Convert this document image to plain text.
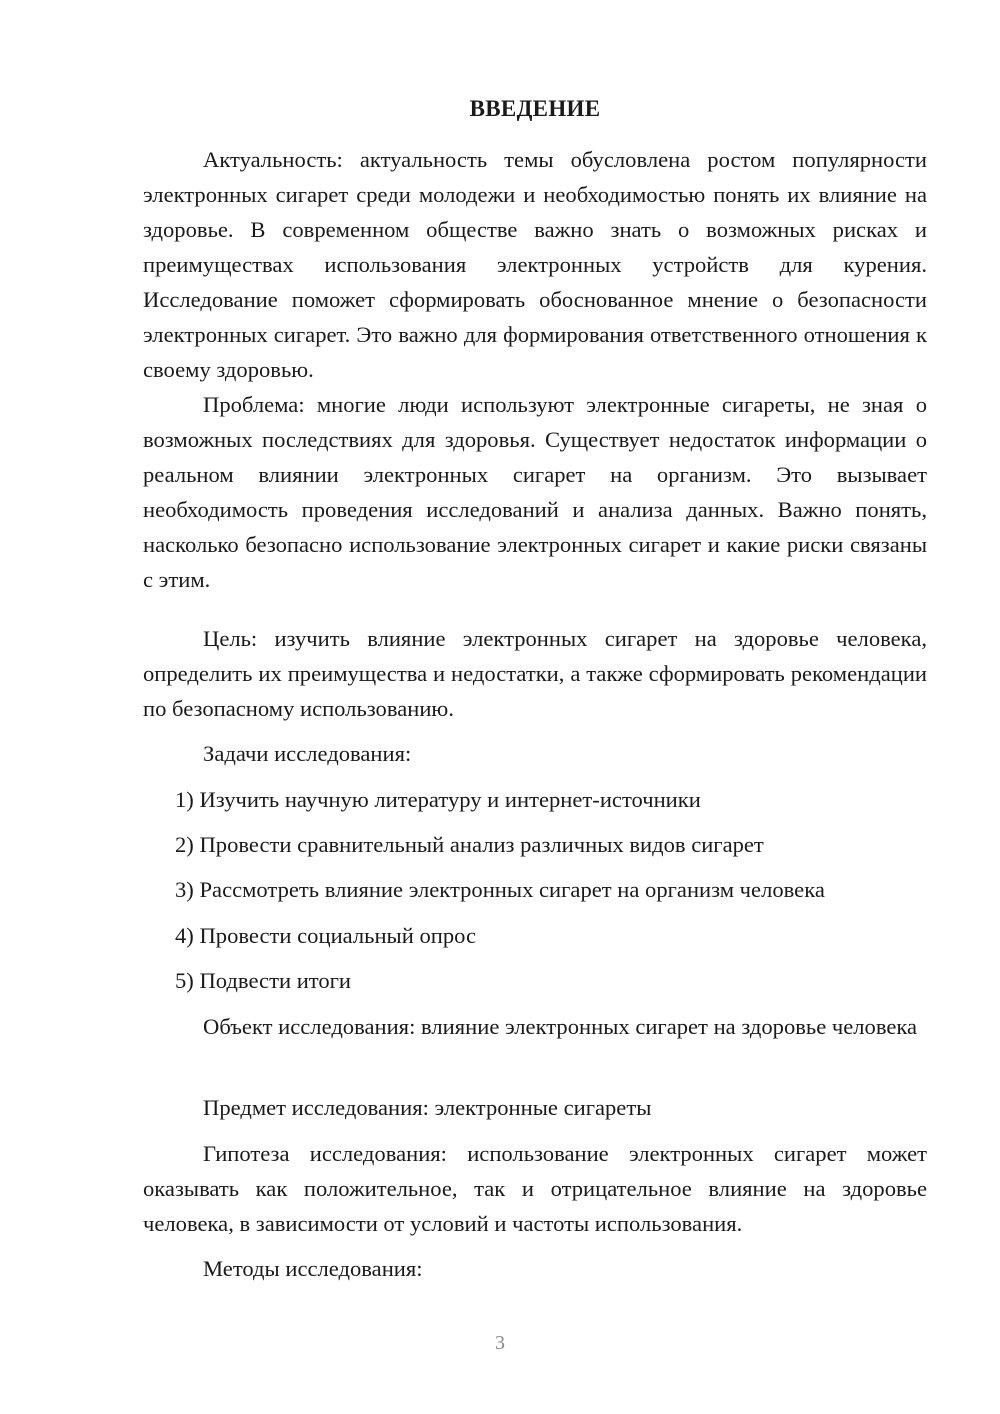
ВВЕДЕНИЕ

Актуальность: актуальность темы обусловлена ростом популярности электронных сигарет среди молодежи и необходимостью понять их влияние на здоровье. В современном обществе важно знать о возможных рисках и преимуществах использования электронных устройств для курения. Исследование поможет сформировать обоснованное мнение о безопасности электронных сигарет. Это важно для формирования ответственного отношения к своему здоровью.

Проблема: многие люди используют электронные сигареты, не зная о возможных последствиях для здоровья. Существует недостаток информации о реальном влиянии электронных сигарет на организм. Это вызывает необходимость проведения исследований и анализа данных. Важно понять, насколько безопасно использование электронных сигарет и какие риски связаны с этим.

Цель: изучить влияние электронных сигарет на здоровье человека, определить их преимущества и недостатки, а также сформировать рекомендации по безопасному использованию.

Задачи исследования:

1) Изучить научную литературу и интернет-источники

2) Провести сравнительный анализ различных видов сигарет

3) Рассмотреть влияние электронных сигарет на организм человека

4) Провести социальный опрос

5) Подвести итоги

Объект исследования: влияние электронных сигарет на здоровье человека

Предмет исследования: электронные сигареты

Гипотеза исследования: использование электронных сигарет может оказывать как положительное, так и отрицательное влияние на здоровье человека, в зависимости от условий и частоты использования.

Методы исследования:

3
